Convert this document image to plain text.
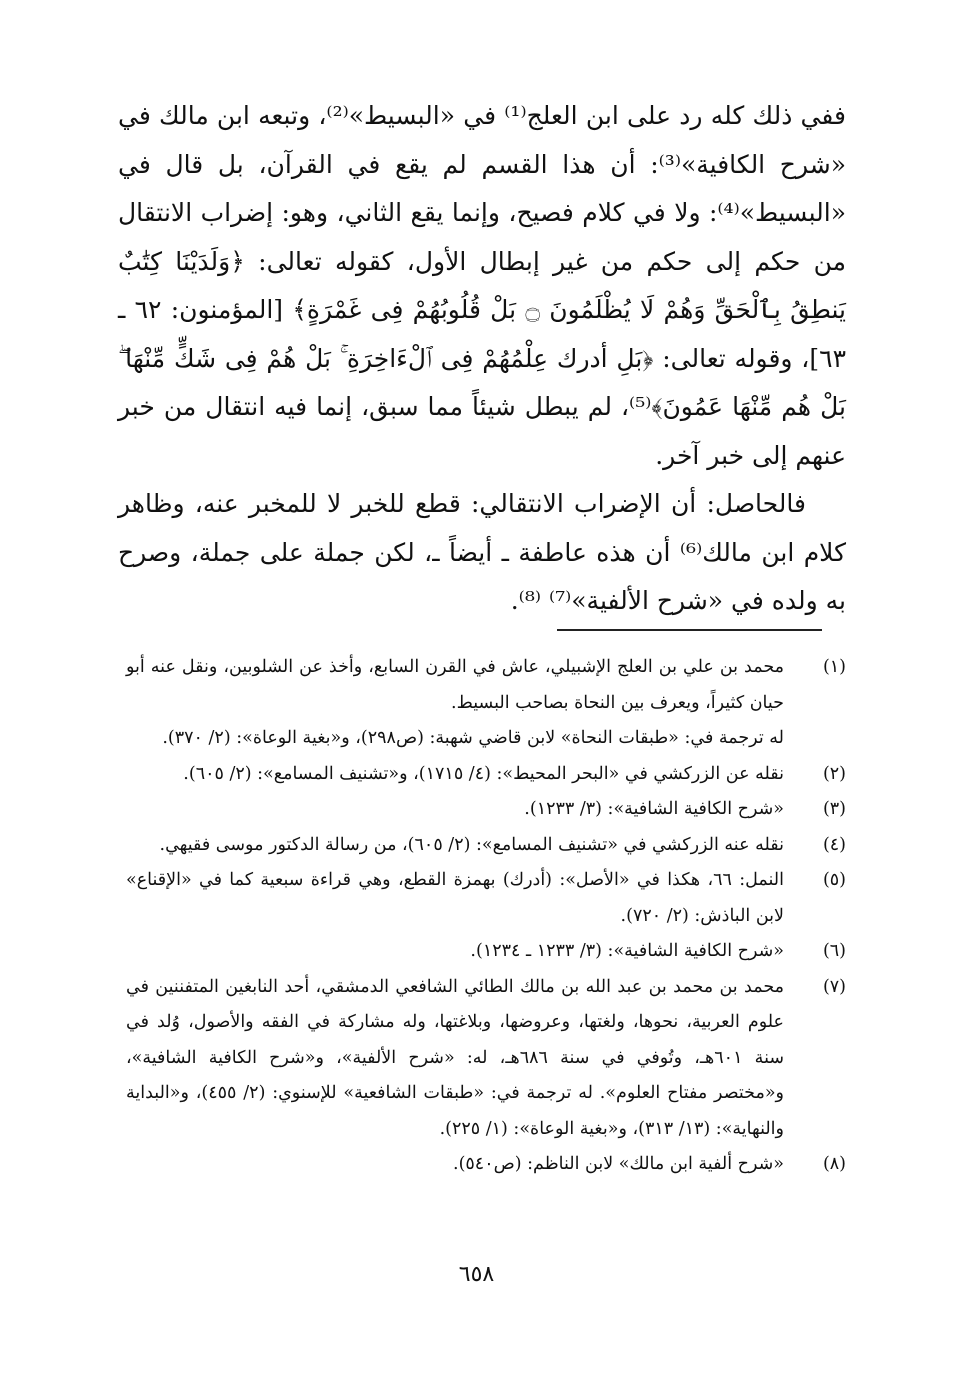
ففي ذلك كله رد على ابن العلج⁽¹⁾ في «البسيط»⁽²⁾، وتبعه ابن مالك في «شرح الكافية»⁽³⁾: أن هذا القسم لم يقع في القرآن، بل قال في «البسيط»⁽⁴⁾: ولا في كلام فصيح، وإنما يقع الثاني، وهو: إضراب الانتقال من حكم إلى حكم من غير إبطال الأول، كقوله تعالى: ﴿وَلَدَيْنَا كِتَٰبٌ يَنطِقُ بِٱلْحَقِّ وَهُمْ لَا يُظْلَمُونَ ۝ بَلْ قُلُوبُهُمْ فِى غَمْرَةٍ﴾ [المؤمنون: ٦٢ ـ ٦٣]، وقوله تعالى: ﴿بَلِ أدرك عِلْمُهُمْ فِى ٱلْءَاخِرَةِ ۚ بَلْ هُمْ فِى شَكٍّ مِّنْهَا ۖ بَلْ هُم مِّنْهَا عَمُونَ﴾⁽⁵⁾، لم يبطل شيئاً مما سبق، إنما فيه انتقال من خبر عنهم إلى خبر آخر.

فالحاصل: أن الإضراب الانتقالي: قطع للخبر لا للمخبر عنه، وظاهر كلام ابن مالك⁽⁶⁾ أن هذه عاطفة ـ أيضاً ـ، لكن جملة على جملة، وصرح به ولده في «شرح الألفية»⁽⁷⁾ ⁽⁸⁾.

(١)
محمد بن علي بن العلج الإشبيلي، عاش في القرن السابع، وأخذ عن الشلوبين، ونقل عنه أبو حيان كثيراً، ويعرف بين النحاة بصاحب البسيط.
له ترجمة في: «طبقات النحاة» لابن قاضي شهبة: (ص٢٩٨)، و«بغية الوعاة»: (٢/ ٣٧٠).
(٢)
نقله عن الزركشي في «البحر المحيط»: (٤/ ١٧١٥)، و«تشنيف المسامع»: (٢/ ٦٠٥).
(٣)
«شرح الكافية الشافية»: (٣/ ١٢٣٣).
(٤)
نقله عنه الزركشي في «تشنيف المسامع»: (٢/ ٦٠٥)، من رسالة الدكتور موسى فقيهي.
(٥)
النمل: ٦٦، هكذا في «الأصل»: (أدرك) بهمزة القطع، وهي قراءة سبعية كما في «الإقناع» لابن الباذش: (٢/ ٧٢٠).
(٦)
«شرح الكافية الشافية»: (٣/ ١٢٣٣ ـ ١٢٣٤).
(٧)
محمد بن محمد بن عبد الله بن مالك الطائي الشافعي الدمشقي، أحد النابغين المتفننين في علوم العربية، نحوها، ولغتها، وعروضها، وبلاغتها، وله مشاركة في الفقه والأصول، وُلد في سنة ٦٠١هـ، وتُوفي في سنة ٦٨٦هـ، له: «شرح الألفية»، و«شرح الكافية الشافية»، و«مختصر مفتاح العلوم». له ترجمة في: «طبقات الشافعية» للإسنوي: (٢/ ٤٥٥)، و«البداية والنهاية»: (١٣/ ٣١٣)، و«بغية الوعاة»: (١/ ٢٢٥).
(٨)
«شرح ألفية ابن مالك» لابن الناظم: (ص٥٤٠).
٦٥٨
